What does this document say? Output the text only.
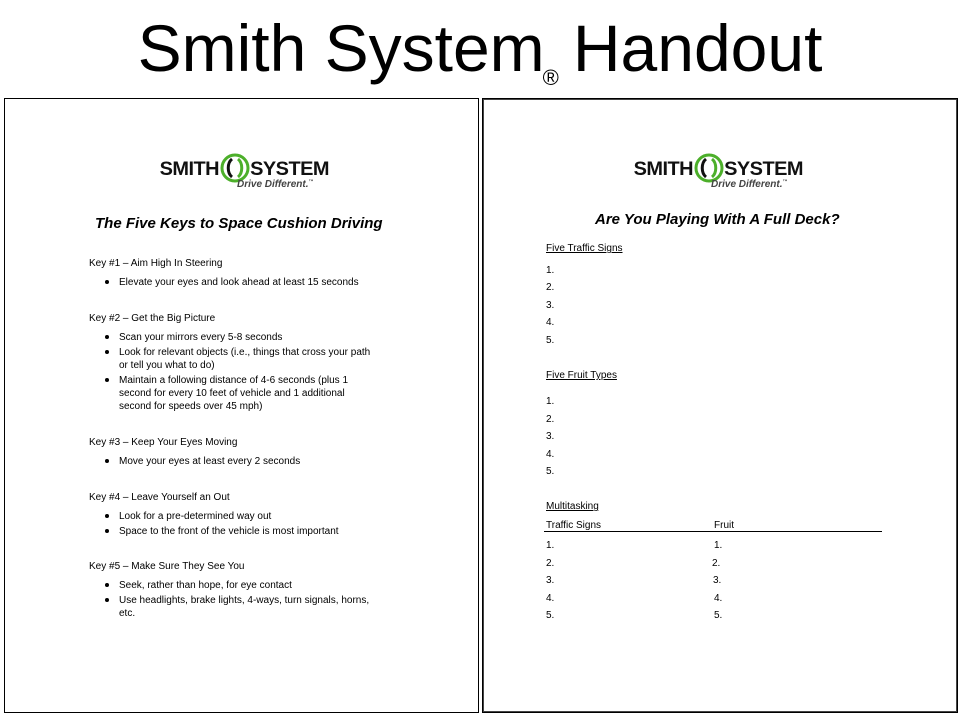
Smith System$_®$ Handout
SMITH SYSTEM
Drive Different.™
The Five Keys to Space Cushion Driving
Key #1 – Aim High In Steering
Elevate your eyes and look ahead at least 15 seconds
Key #2 – Get the Big Picture
Scan your mirrors every 5-8 seconds
Look for relevant objects (i.e., things that cross your path
or tell you what to do)
Maintain a following distance of 4-6 seconds (plus 1
second for every 10 feet of vehicle and 1 additional
second for speeds over 45 mph)
Key #3 – Keep Your Eyes Moving
Move your eyes at least every 2 seconds
Key #4 – Leave Yourself an Out
Look for a pre-determined way out
Space to the front of the vehicle is most important
Key #5 – Make Sure They See You
Seek, rather than hope, for eye contact
Use headlights, brake lights, 4-ways, turn signals, horns,
etc.
SMITH SYSTEM
Drive Different.™
Are You Playing With A Full Deck?
Five Traffic Signs
1.
2.
3.
4.
5.
Five Fruit Types
1.
2.
3.
4.
5.
Multitasking
Traffic Signs	Fruit
1.
2.
3.
4.
5.
1.
2.
3.
4.
5.
